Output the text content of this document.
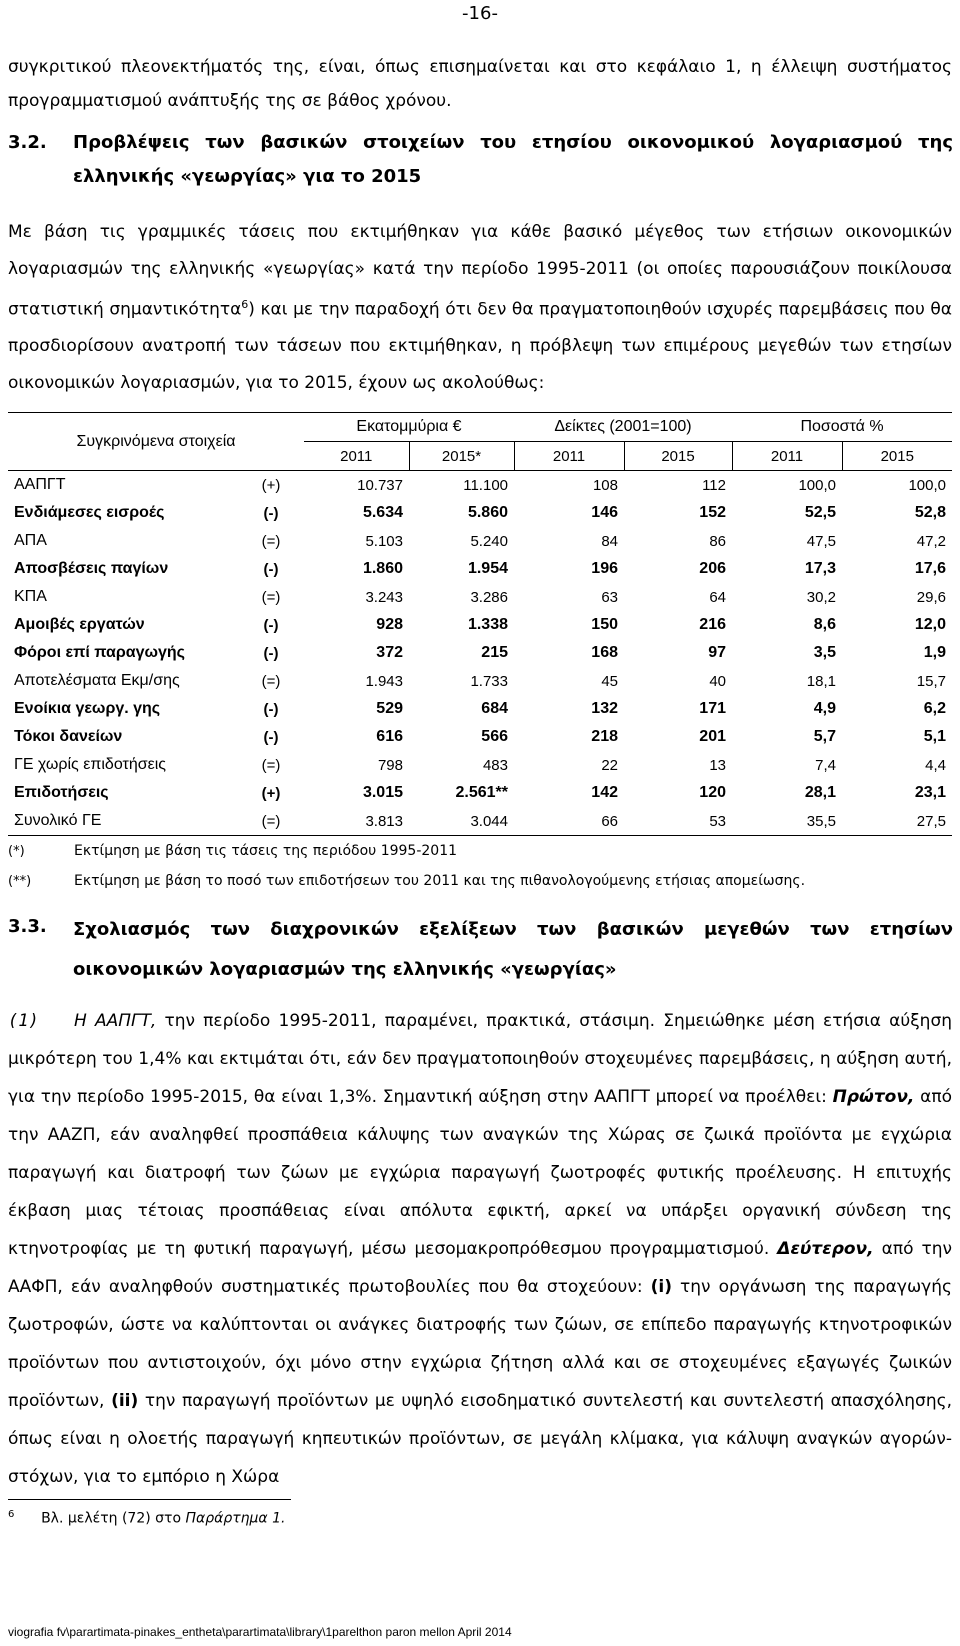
-16-
συγκριτικού πλεονεκτήματός της, είναι, όπως επισημαίνεται και στο κεφάλαιο 1, η έλλειψη συστήματος προγραμματισμού ανάπτυξής της σε βάθος χρόνου.
3.2. Προβλέψεις των βασικών στοιχείων του ετησίου οικονομικού λογαριασμού της ελληνικής «γεωργίας» για το 2015
Με βάση τις γραμμικές τάσεις που εκτιμήθηκαν για κάθε βασικό μέγεθος των ετήσιων οικονομικών λογαριασμών της ελληνικής «γεωργίας» κατά την περίοδο 1995-2011 (οι οποίες παρουσιάζουν ποικίλουσα στατιστική σημαντικότητα$^6$) και με την παραδοχή ότι δεν θα πραγματοποιηθούν ισχυρές παρεμβάσεις που θα προσδιορίσουν ανατροπή των τάσεων που εκτιμήθηκαν, η πρόβλεψη των επιμέρους μεγεθών των ετησίων οικονομικών λογαριασμών, για το 2015, έχουν ως ακολούθως:
Συγκρινόμενα στοιχεία		Εκατομμύρια €		Δείκτες (2001=100)		Ποσοστά %	
		2011	2015*	2011	2015	2011	2015
ΑΑΠΓΤ	(+)	10.737	11.100	108	112	100,0	100,0
Ενδιάμεσες εισροές	(-)	5.634	5.860	146	152	52,5	52,8
ΑΠΑ	(=)	5.103	5.240	84	86	47,5	47,2
Αποσβέσεις παγίων	(-)	1.860	1.954	196	206	17,3	17,6
ΚΠΑ	(=)	3.243	3.286	63	64	30,2	29,6
Αμοιβές εργατών	(-)	928	1.338	150	216	8,6	12,0
Φόροι επί παραγωγής	(-)	372	215	168	97	3,5	1,9
Αποτελέσματα Εκμ/σης	(=)	1.943	1.733	45	40	18,1	15,7
Ενοίκια γεωργ. γης	(-)	529	684	132	171	4,9	6,2
Τόκοι δανείων	(-)	616	566	218	201	5,7	5,1
ΓΕ χωρίς επιδοτήσεις	(=)	798	483	22	13	7,4	4,4
Επιδοτήσεις	(+)	3.015	2.561**	142	120	28,1	23,1
Συνολικό ΓΕ	(=)	3.813	3.044	66	53	35,5	27,5
(*)	Εκτίμηση με βάση τις τάσεις της περιόδου 1995-2011
(**)	Εκτίμηση με βάση το ποσό των επιδοτήσεων του 2011 και της πιθανολογούμενης ετήσιας απομείωσης.
3.3. Σχολιασμός των διαχρονικών εξελίξεων των βασικών μεγεθών των ετησίων οικονομικών λογαριασμών της ελληνικής «γεωργίας»
(1) Η ΑΑΠΓΤ, την περίοδο 1995-2011, παραμένει, πρακτικά, στάσιμη. Σημειώθηκε μέση ετήσια αύξηση μικρότερη του 1,4% και εκτιμάται ότι, εάν δεν πραγματοποιηθούν στοχευμένες παρεμβάσεις, η αύξηση αυτή, για την περίοδο 1995-2015, θα είναι 1,3%. Σημαντική αύξηση στην ΑΑΠΓΤ μπορεί να προέλθει: Πρώτον, από την ΑΑΖΠ, εάν αναληφθεί προσπάθεια κάλυψης των αναγκών της Χώρας σε ζωικά προϊόντα με εγχώρια παραγωγή και διατροφή των ζώων με εγχώρια παραγωγή ζωοτροφές φυτικής προέλευσης. Η επιτυχής έκβαση μιας τέτοιας προσπάθειας είναι απόλυτα εφικτή, αρκεί να υπάρξει οργανική σύνδεση της κτηνοτροφίας με τη φυτική παραγωγή, μέσω μεσομακροπρόθεσμου προγραμματισμού. Δεύτερον, από την ΑΑΦΠ, εάν αναληφθούν συστηματικές πρωτοβουλίες που θα στοχεύουν: (i) την οργάνωση της παραγωγής ζωοτροφών, ώστε να καλύπτονται οι ανάγκες διατροφής των ζώων, σε επίπεδο παραγωγής κτηνοτροφικών προϊόντων που αντιστοιχούν, όχι μόνο στην εγχώρια ζήτηση αλλά και σε στοχευμένες εξαγωγές ζωικών προϊόντων, (ii) την παραγωγή προϊόντων με υψηλό εισοδηματικό συντελεστή και συντελεστή απασχόλησης, όπως είναι η ολοετής παραγωγή κηπευτικών προϊόντων, σε μεγάλη κλίμακα, για κάλυψη αναγκών αγορών-στόχων, για το εμπόριο η Χώρα
$^6$ Βλ. μελέτη (72) στο Παράρτημα 1.
viografia fv\parartimata-pinakes_entheta\parartimata\library\1parelthon paron mellon April 2014
